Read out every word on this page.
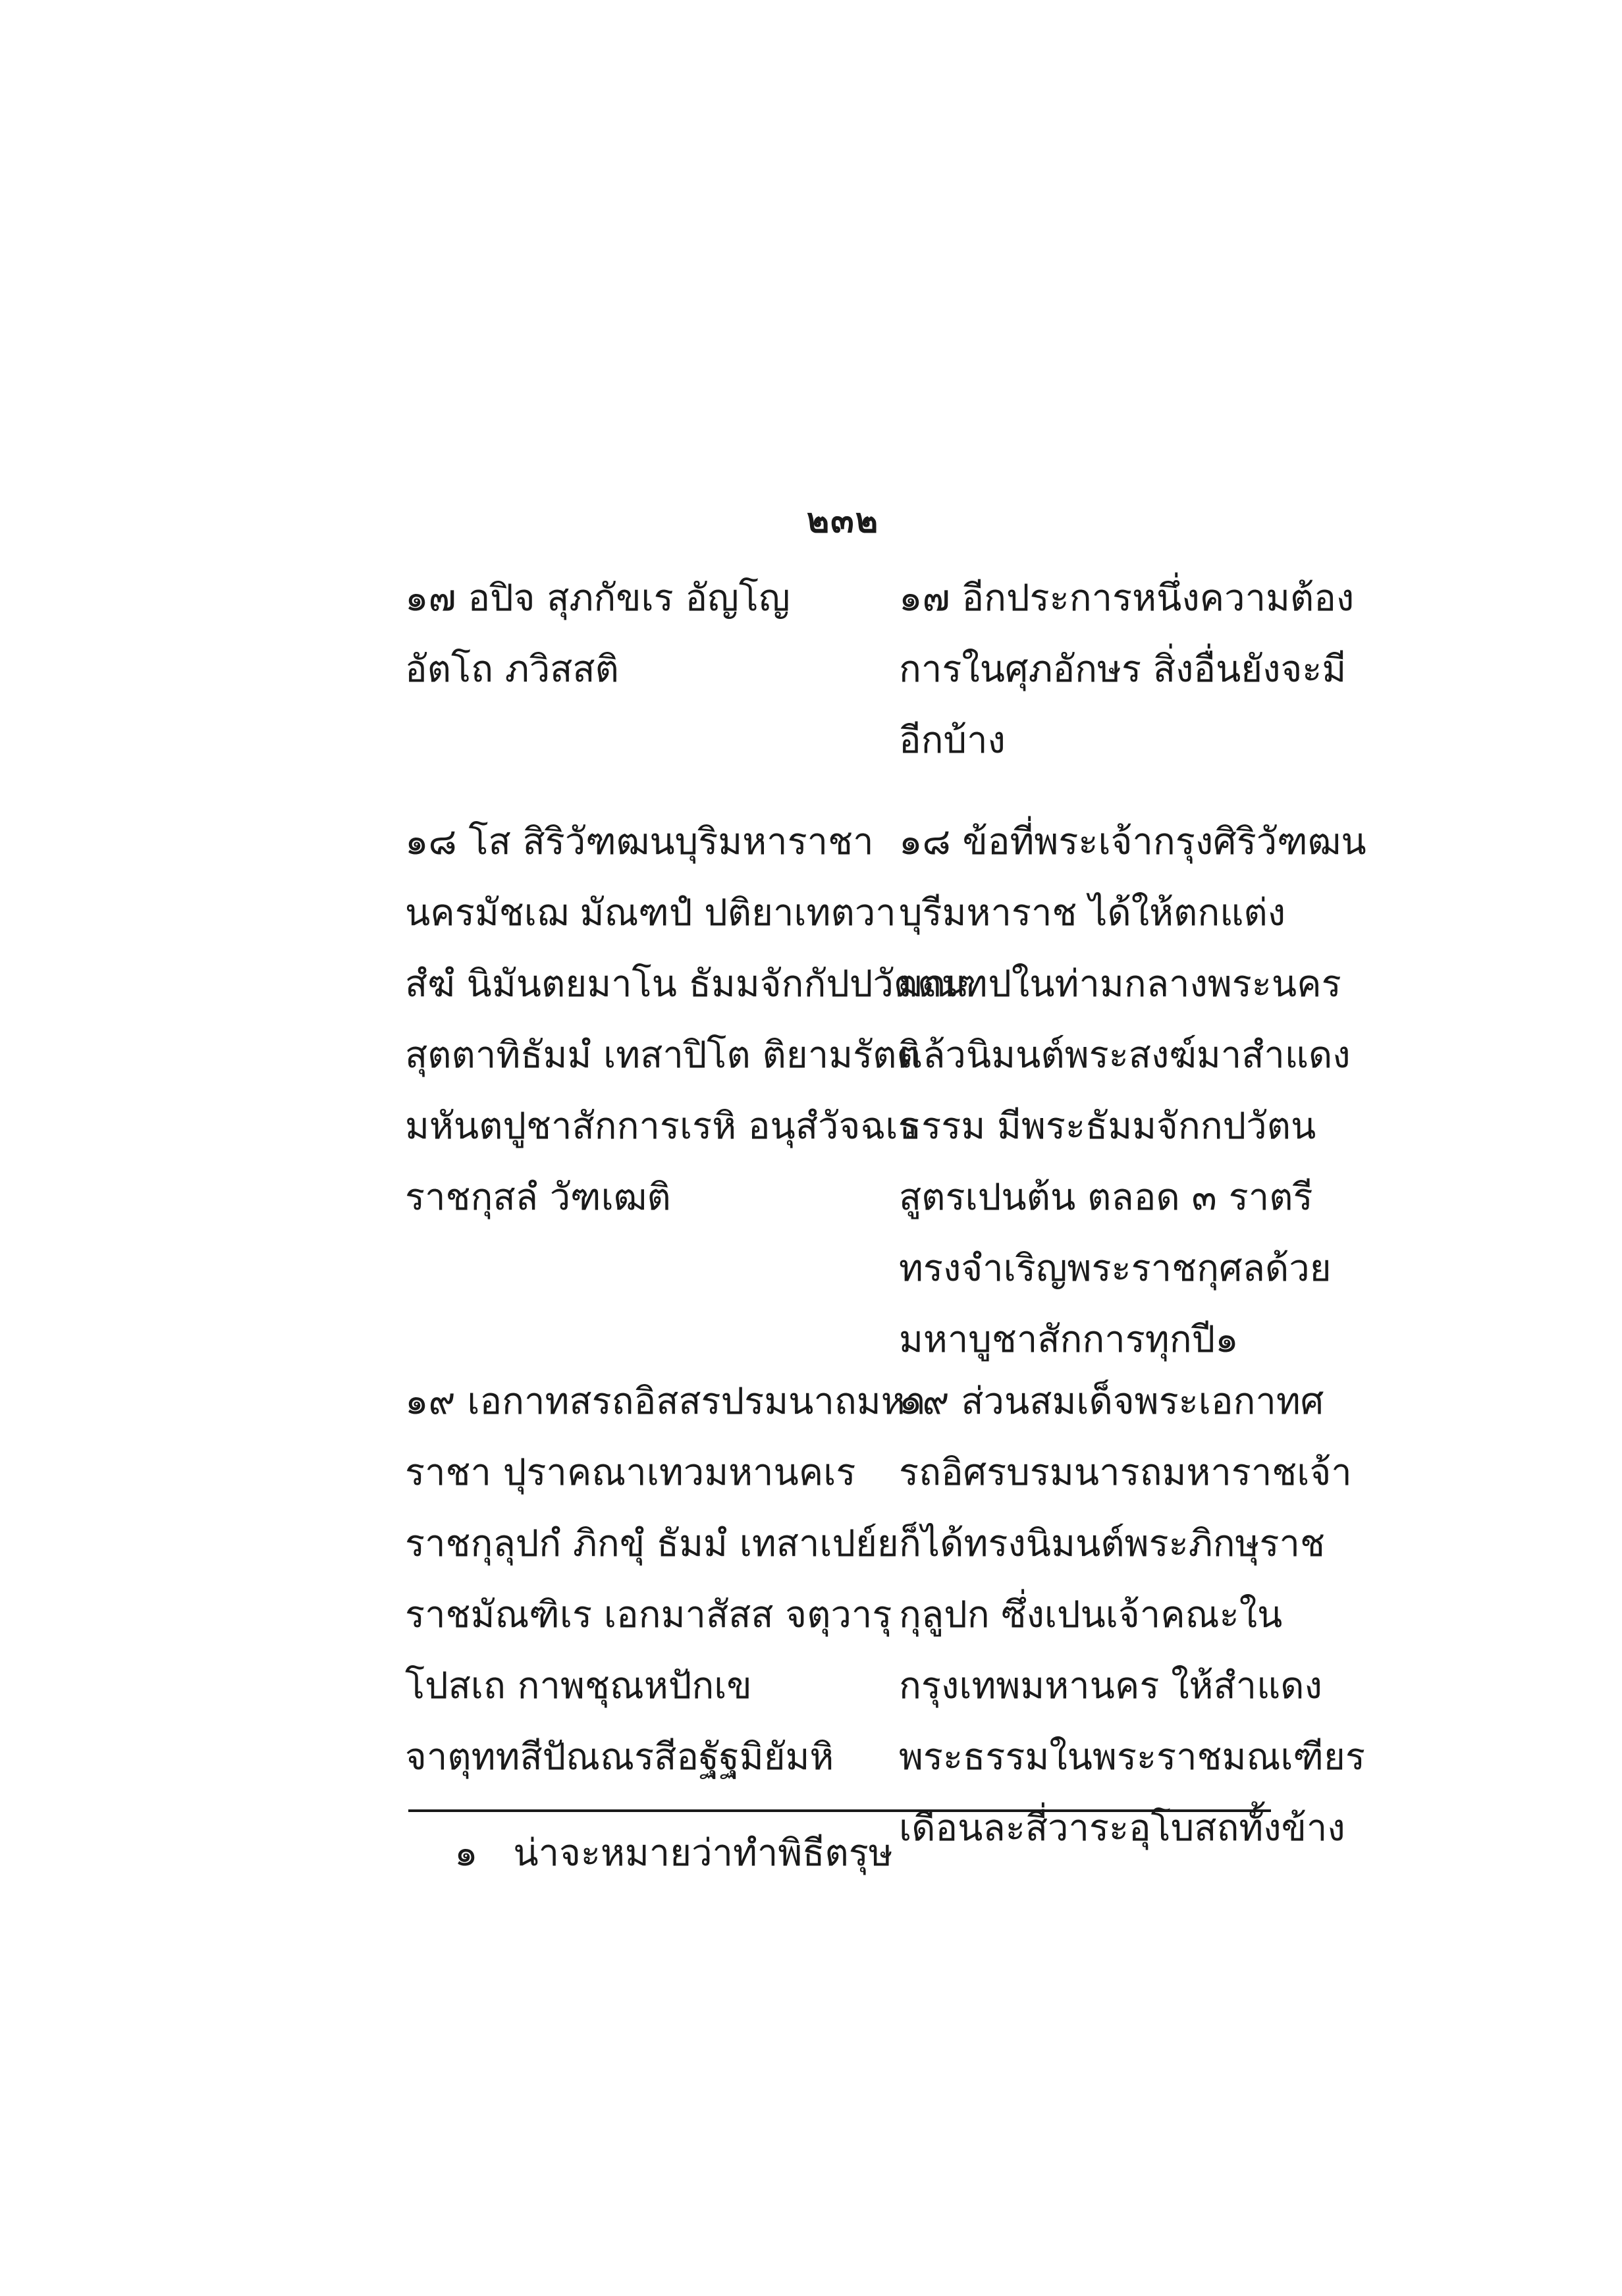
๒๓๒
๑๗ อปิจ สุภกัขเร อัญโญ
อัตโถ ภวิสสติ
๑๗ อีกประการหนึ่งความต้อง
การในศุภอักษร สิ่งอื่นยังจะมี
อีกบ้าง
๑๘ โส สิริวัฑฒนบุริมหาราชา
นครมัชเฌ มัณฑปํ ปติยาเทตวา
สํฆํ นิมันตยมาโน ธัมมจักกัปปวัตตน
สุตตาทิธัมมํ เทสาปิโต ติยามรัตติ
มหันตปูชาสักการเรหิ อนุสํวัจฉเร
ราชกุสลํ วัฑเฒติ
๑๘ ข้อที่พระเจ้ากรุงศิริวัฑฒน
บุรีมหาราช ได้ให้ตกแต่ง
มณฑปในท่ามกลางพระนคร
แล้วนิมนต์พระสงฆ์มาสำแดง
ธรรม มีพระธัมมจักกปวัตน
สูตรเปนต้น ตลอด ๓ ราตรี
ทรงจำเริญพระราชกุศลด้วย
มหาบูชาสักการทุกปี๑
๑๙ เอกาทสรถอิสสรปรมนาถมหา
ราชา ปุราคณาเทวมหานคเร
ราชกุลุปกํ ภิกขุํ ธัมมํ เทสาเปย์ย
ราชมัณฑิเร เอกมาสัสส จตุวารุ
โปสเถ กาพชุณหปักเข
จาตุททสีปัณณรสีอฐัฐมิยัมหิ
๑๙ ส่วนสมเด็จพระเอกาทศ
รถอิศรบรมนารถมหาราชเจ้า
ก็ได้ทรงนิมนต์พระภิกษุราช
กุลูปก ซึ่งเปนเจ้าคณะใน
กรุงเทพมหานคร ให้สำแดง
พระธรรมในพระราชมณเฑียร
เดือนละสี่วาระอุโบสถทั้งข้าง
๑ น่าจะหมายว่าทำพิธีตรุษ
